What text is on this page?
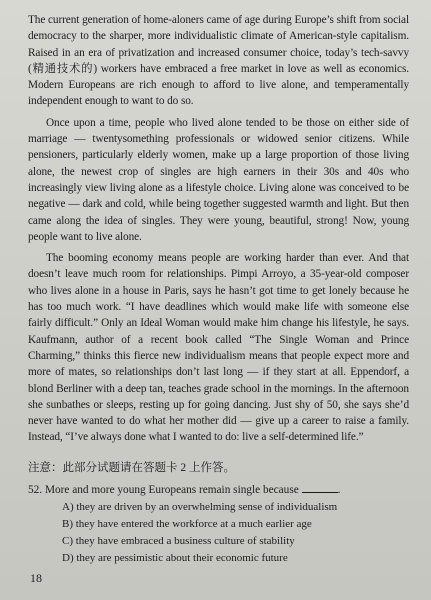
The current generation of home-aloners came of age during Europe’s shift from social democracy to the sharper, more individualistic climate of American-style capitalism. Raised in an era of privatization and increased consumer choice, today’s tech-savvy (精通技术的) workers have embraced a free market in love as well as economics. Modern Europeans are rich enough to afford to live alone, and temperamentally independent enough to want to do so.

Once upon a time, people who lived alone tended to be those on either side of marriage — twentysomething professionals or widowed senior citizens. While pensioners, particularly elderly women, make up a large proportion of those living alone, the newest crop of singles are high earners in their 30s and 40s who increasingly view living alone as a lifestyle choice. Living alone was conceived to be negative — dark and cold, while being together suggested warmth and light. But then came along the idea of singles. They were young, beautiful, strong! Now, young people want to live alone.

The booming economy means people are working harder than ever. And that doesn’t leave much room for relationships. Pimpi Arroyo, a 35-year-old composer who lives alone in a house in Paris, says he hasn’t got time to get lonely because he has too much work. “I have deadlines which would make life with someone else fairly difficult.” Only an Ideal Woman would make him change his lifestyle, he says. Kaufmann, author of a recent book called “The Single Woman and Prince Charming,” thinks this fierce new individualism means that people expect more and more of mates, so relationships don’t last long — if they start at all. Eppendorf, a blond Berliner with a deep tan, teaches grade school in the mornings. In the afternoon she sunbathes or sleeps, resting up for going dancing. Just shy of 50, she says she’d never have wanted to do what her mother did — give up a career to raise a family. Instead, “I’ve always done what I wanted to do: live a self-determined life.”

注意：此部分试题请在答题卡 2 上作答。

52. More and more young Europeans remain single because	.

A) they are driven by an overwhelming sense of individualism

B) they have entered the workforce at a much earlier age

C) they have embraced a business culture of stability

D) they are pessimistic about their economic future

18
